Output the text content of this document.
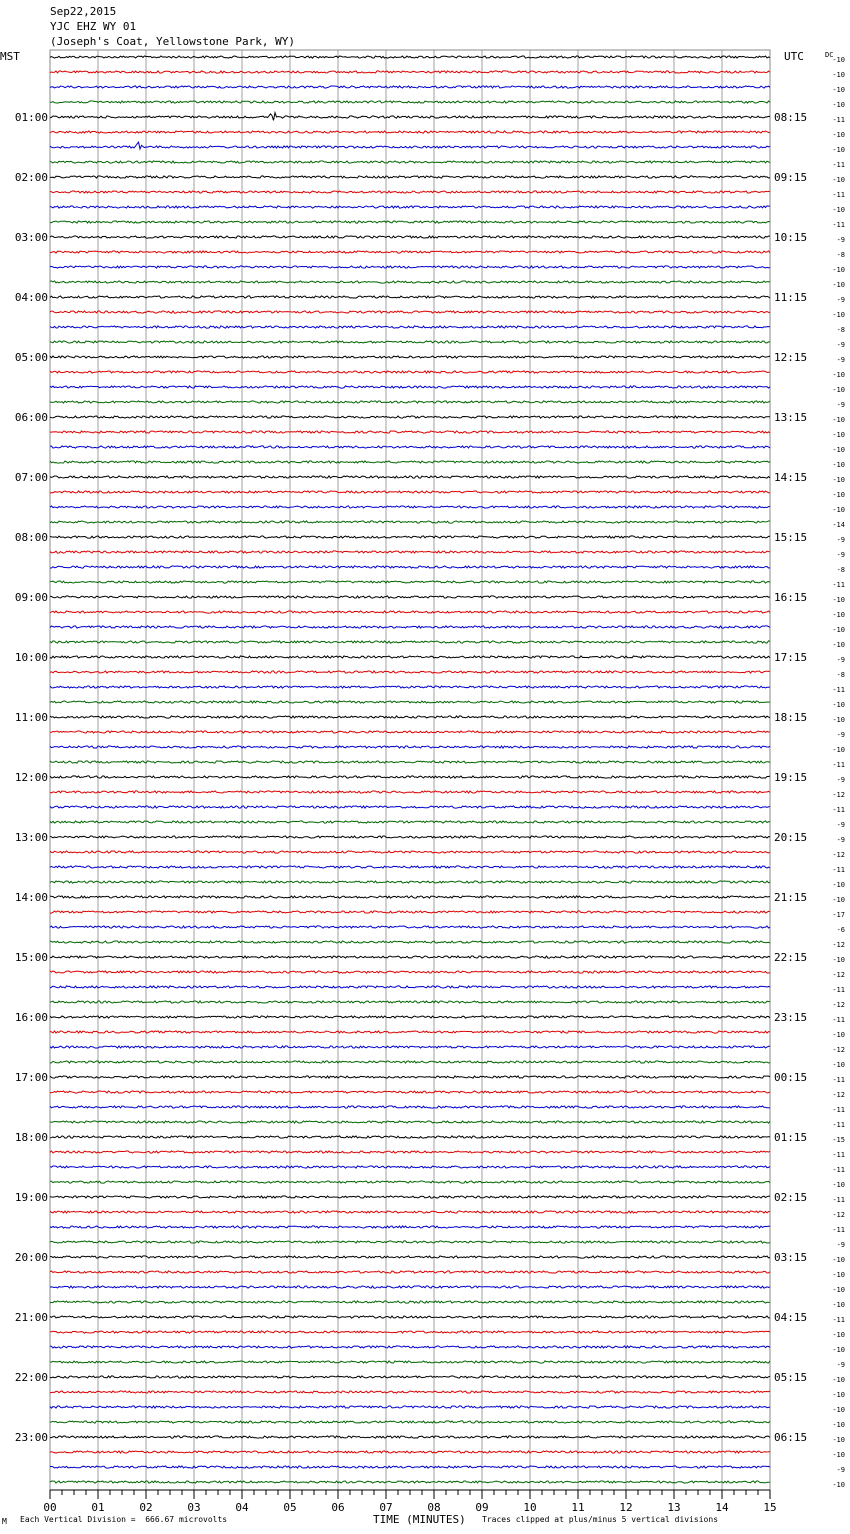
Sep22,2015
YJC EHZ WY 01
(Joseph's Coat, Yellowstone Park, WY)
-10
-10
-10
-10
-11
-10
-10
-11
-10
-11
-10
-11
-9
-8
-10
-10
-9
-10
-8
-9
-9
-10
-10
-9
-10
-10
-10
-10
-10
-10
-10
-14
-9
-9
-8
-11
-10
-10
-10
-10
-9
-8
-11
-10
-10
-9
-10
-11
-9
-12
-11
-9
-9
-12
-11
-10
-10
-17
-6
-12
-10
-12
-11
-12
-11
-10
-12
-10
-11
-12
-11
-11
-15
-11
-11
-10
-11
-12
-11
-9
-10
-10
-10
-10
-11
-10
-10
-9
-10
-10
-10
-10
-10
-10
-9
-10
MST	UTC	DC
01:00
02:00
03:00
04:00
05:00
06:00
07:00
08:00
09:00
10:00
11:00
12:00
13:00
14:00
15:00
16:00
17:00
18:00
19:00
20:00
21:00
22:00
23:00
08:15
09:15
10:15
11:15
12:15
13:15
14:15
15:15
16:15
17:15
18:15
19:15
20:15
21:15
22:15
23:15
00:15
01:15
02:15
03:15
04:15
05:15
06:15
00	01	02	03	04	05	06	07	08	09	10	11	12	13	14	15
M Each Vertical Division =  666.67 microvolts	TIME (MINUTES) Traces clipped at plus/minus 5 vertical divisions
